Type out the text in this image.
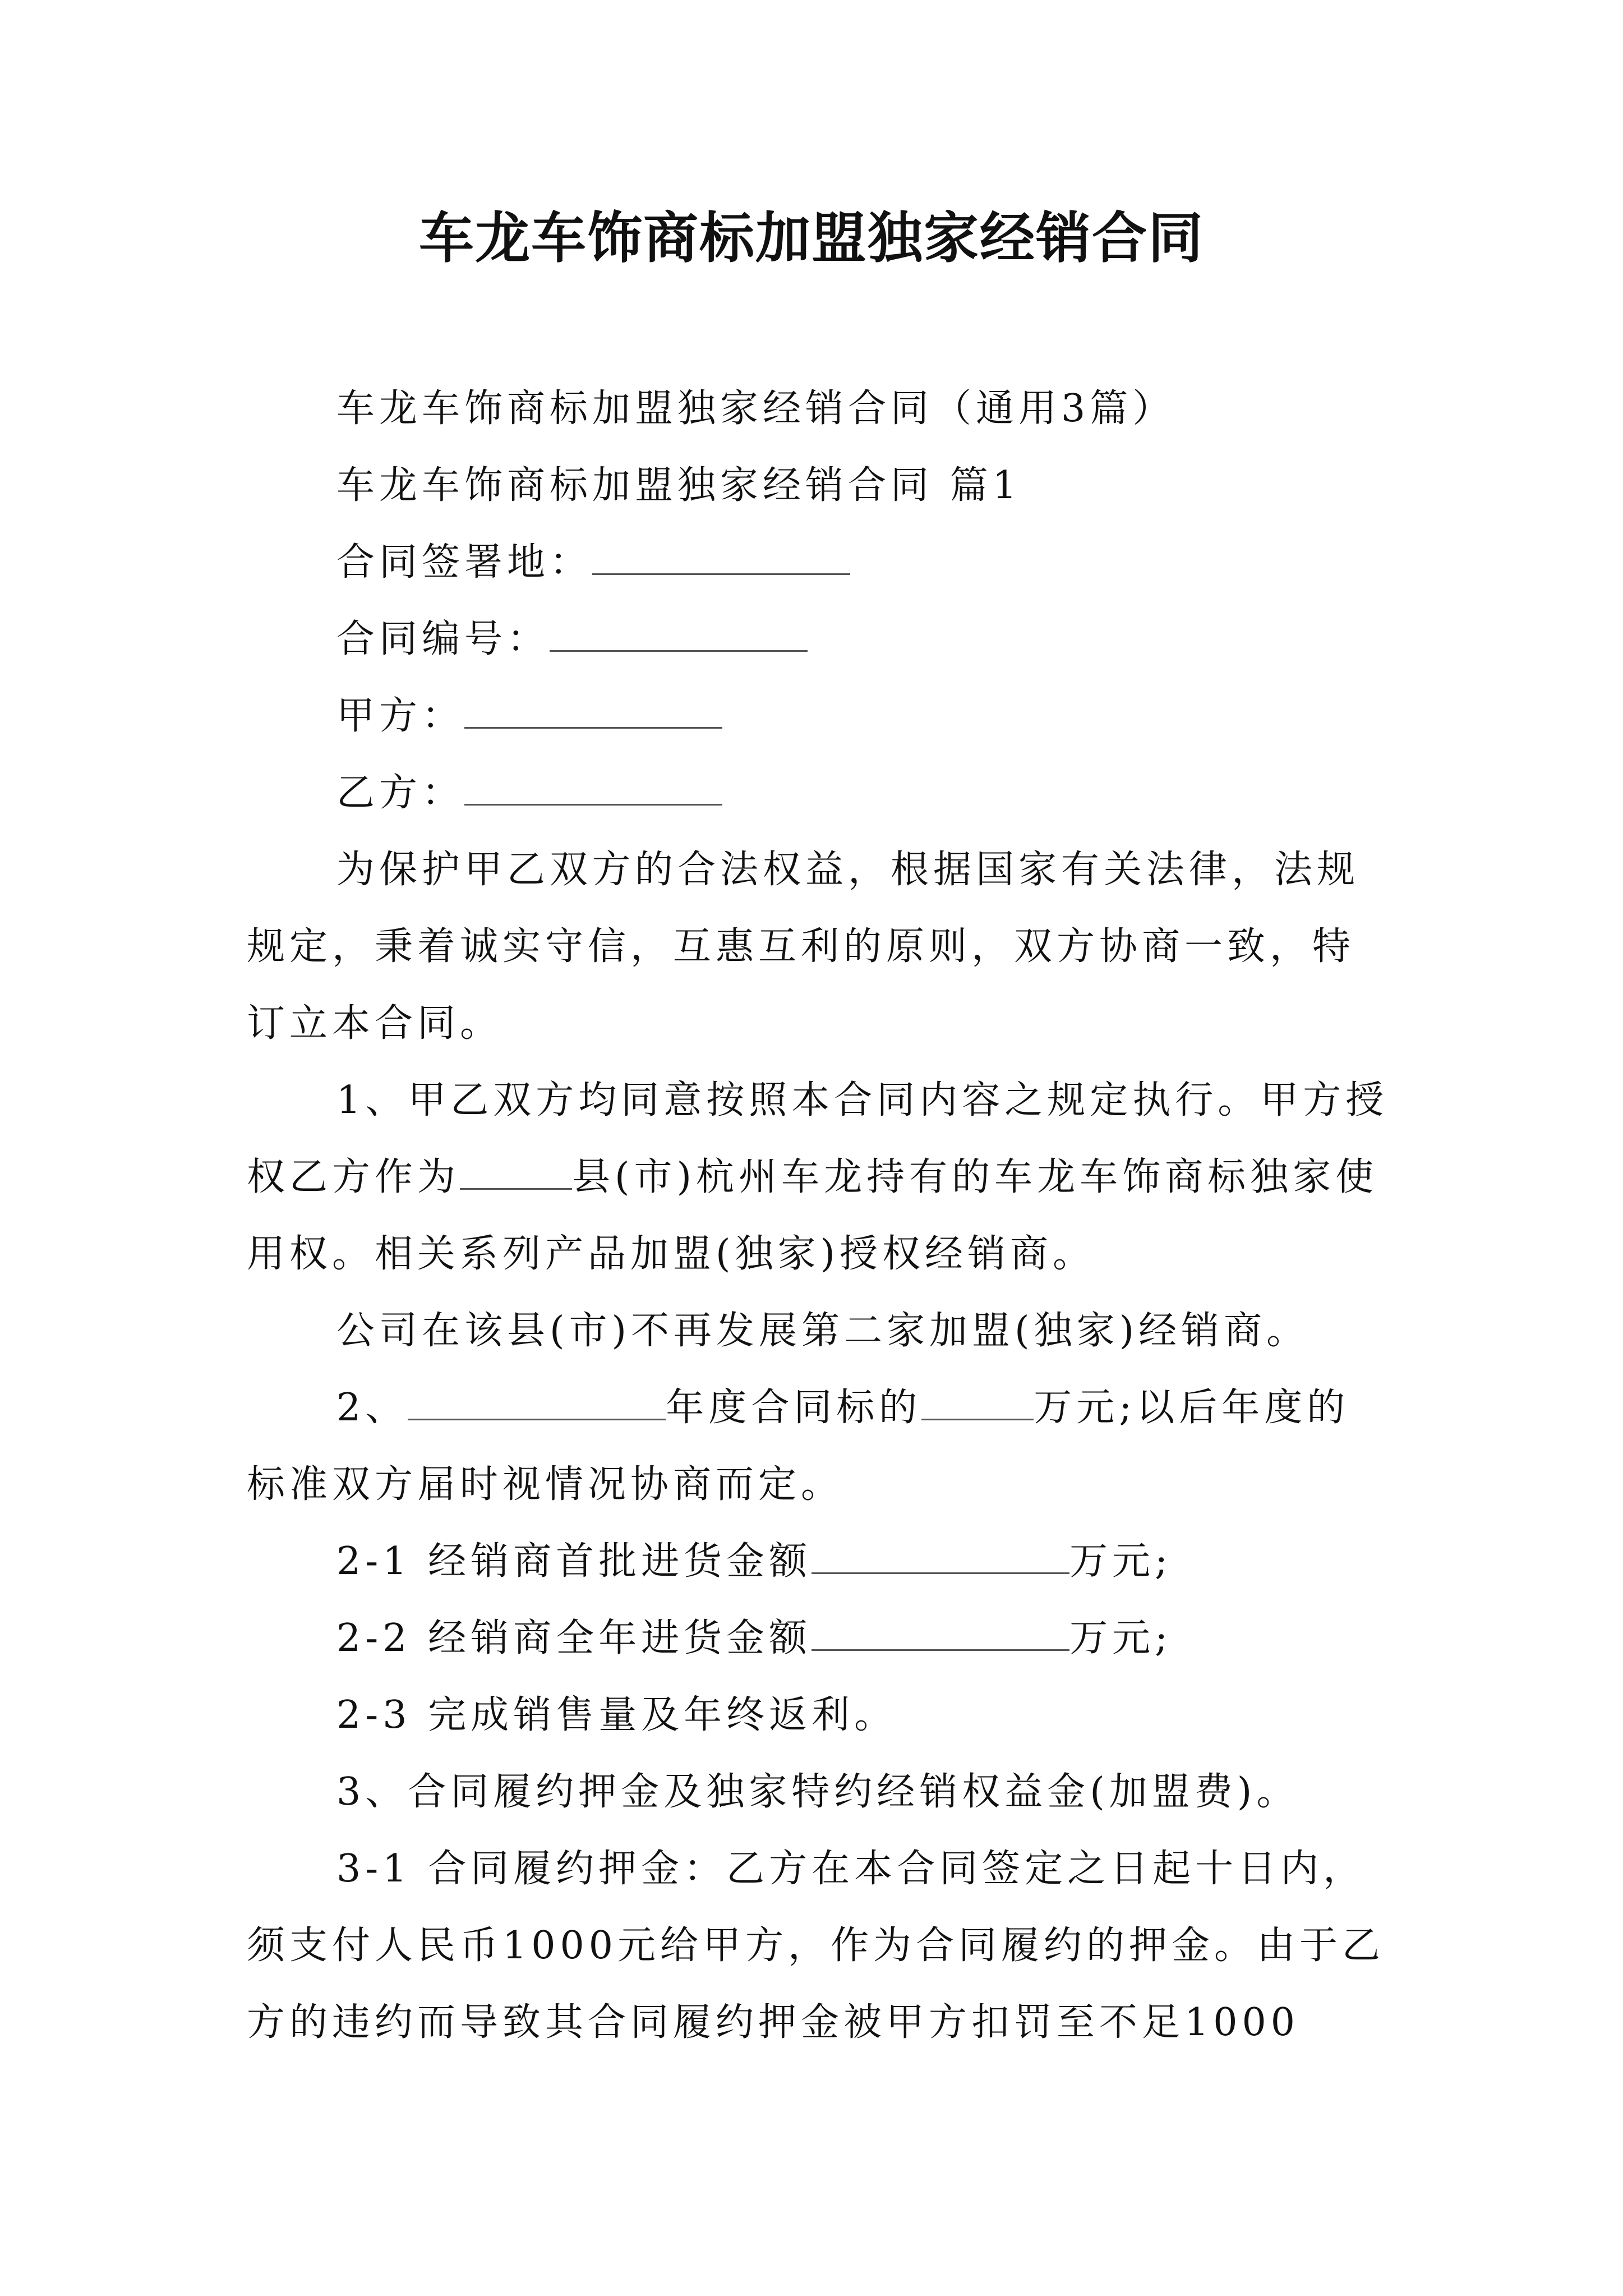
车龙车饰商标加盟独家经销合同

车龙车饰商标加盟独家经销合同（通用3篇）

车龙车饰商标加盟独家经销合同 篇1

合同签署地：

合同编号：

甲方：

乙方：

为保护甲乙双方的合法权益，根据国家有关法律，法规规定，秉着诚实守信，互惠互利的原则，双方协商一致，特订立本合同。

1、甲乙双方均同意按照本合同内容之规定执行。甲方授权乙方作为	县(市)杭州车龙持有的车龙车饰商标独家使用权。相关系列产品加盟(独家)授权经销商。

公司在该县(市)不再发展第二家加盟(独家)经销商。

2、	年度合同标的	万元;以后年度的标准双方届时视情况协商而定。

2-1 经销商首批进货金额	万元;

2-2 经销商全年进货金额	万元;

2-3 完成销售量及年终返利。

3、合同履约押金及独家特约经销权益金(加盟费)。

3-1 合同履约押金：乙方在本合同签定之日起十日内，须支付人民币1000元给甲方，作为合同履约的押金。由于乙方的违约而导致其合同履约押金被甲方扣罚至不足1000
